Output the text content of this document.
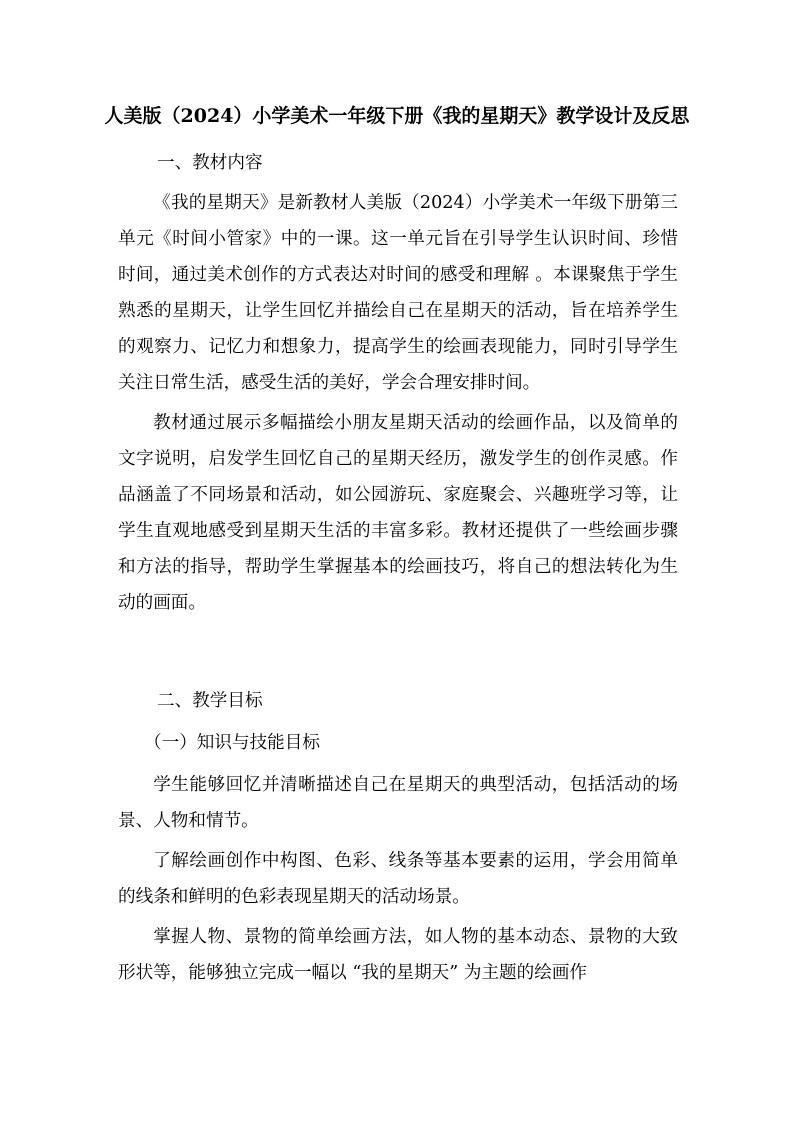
人美版（2024）小学美术一年级下册《我的星期天》教学设计及反思
一、教材内容

《我的星期天》是新教材人美版（2024）小学美术一年级下册第三单元《时间小管家》中的一课。这一单元旨在引导学生认识时间、珍惜时间，通过美术创作的方式表达对时间的感受和理解 。本课聚焦于学生熟悉的星期天，让学生回忆并描绘自己在星期天的活动，旨在培养学生的观察力、记忆力和想象力，提高学生的绘画表现能力，同时引导学生关注日常生活，感受生活的美好，学会合理安排时间。

教材通过展示多幅描绘小朋友星期天活动的绘画作品，以及简单的文字说明，启发学生回忆自己的星期天经历，激发学生的创作灵感。作品涵盖了不同场景和活动，如公园游玩、家庭聚会、兴趣班学习等，让学生直观地感受到星期天生活的丰富多彩。教材还提供了一些绘画步骤和方法的指导，帮助学生掌握基本的绘画技巧，将自己的想法转化为生动的画面。

二、教学目标
（一）知识与技能目标

学生能够回忆并清晰描述自己在星期天的典型活动，包括活动的场景、人物和情节。

了解绘画创作中构图、色彩、线条等基本要素的运用，学会用简单的线条和鲜明的色彩表现星期天的活动场景。

掌握人物、景物的简单绘画方法，如人物的基本动态、景物的大致形状等，能够独立完成一幅以 “我的星期天” 为主题的绘画作
